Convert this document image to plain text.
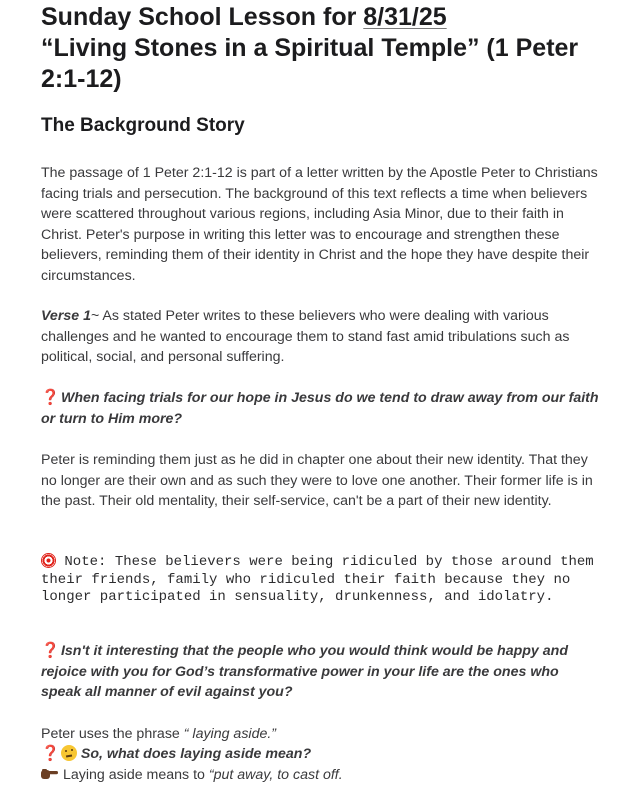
Sunday School Lesson for 8/31/25
“Living Stones in a Spiritual Temple” (1 Peter 2:1-12)
The Background Story

The passage of 1 Peter 2:1-12 is part of a letter written by the Apostle Peter to Christians facing trials and persecution. The background of this text reflects a time when believers were scattered throughout various regions, including Asia Minor, due to their faith in Christ. Peter's purpose in writing this letter was to encourage and strengthen these believers, reminding them of their identity in Christ and the hope they have despite their circumstances.

Verse 1~ As stated Peter writes to these believers who were dealing with various challenges and he wanted to encourage them to stand fast amid tribulations such as political, social, and personal suffering.

❓ When facing trials for our hope in Jesus do we tend to draw away from our faith or turn to Him more?

Peter is reminding them just as he did in chapter one about their new identity. That they no longer are their own and as such they were to love one another. Their former life is in the past. Their old mentality, their self-service, can't be a part of their new identity.

Note: These believers were being ridiculed by those around them their friends, family who ridiculed their faith because they no longer participated in sensuality, drunkenness, and idolatry.

❓ Isn't it interesting that the people who you would think would be happy and rejoice with you for God’s transformative power in your life are the ones who speak all manner of evil against you?

Peter uses the phrase “ laying aside.”

❓ So, what does laying aside mean?

Laying aside means to “put away, to cast off.
